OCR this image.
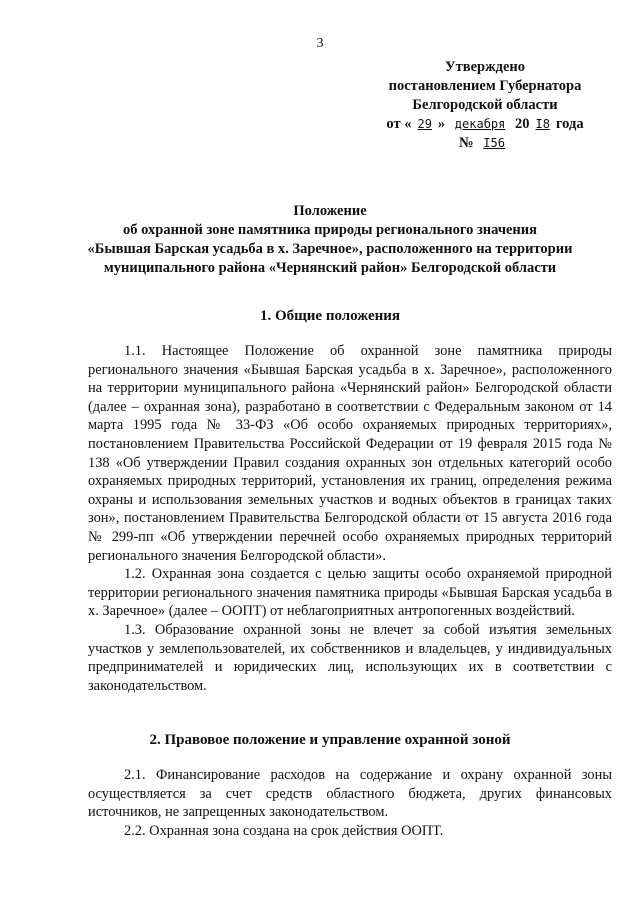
3
Утверждено
постановлением Губернатора
Белгородской области
от « 29 » декабря 20 I8 года
№ I56
Положение
об охранной зоне памятника природы регионального значения
«Бывшая Барская усадьба в х. Заречное», расположенного на территории
муниципального района «Чернянский район» Белгородской области
1. Общие положения

1.1. Настоящее Положение об охранной зоне памятника природы регионального значения «Бывшая Барская усадьба в х. Заречное», расположенного на территории муниципального района «Чернянский район» Белгородской области (далее – охранная зона), разработано в соответствии с Федеральным законом от 14 марта 1995 года № 33-ФЗ «Об особо охраняемых природных территориях», постановлением Правительства Российской Федерации от 19 февраля 2015 года № 138 «Об утверждении Правил создания охранных зон отдельных категорий особо охраняемых природных территорий, установления их границ, определения режима охраны и использования земельных участков и водных объектов в границах таких зон», постановлением Правительства Белгородской области от 15 августа 2016 года № 299-пп «Об утверждении перечней особо охраняемых природных территорий регионального значения Белгородской области».

1.2. Охранная зона создается с целью защиты особо охраняемой природной территории регионального значения памятника природы «Бывшая Барская усадьба в х. Заречное» (далее – ООПТ) от неблагоприятных антропогенных воздействий.

1.3. Образование охранной зоны не влечет за собой изъятия земельных участков у землепользователей, их собственников и владельцев, у индивидуальных предпринимателей и юридических лиц, использующих их в соответствии с законодательством.

2. Правовое положение и управление охранной зоной

2.1. Финансирование расходов на содержание и охрану охранной зоны осуществляется за счет средств областного бюджета, других финансовых источников, не запрещенных законодательством.

2.2. Охранная зона создана на срок действия ООПТ.
